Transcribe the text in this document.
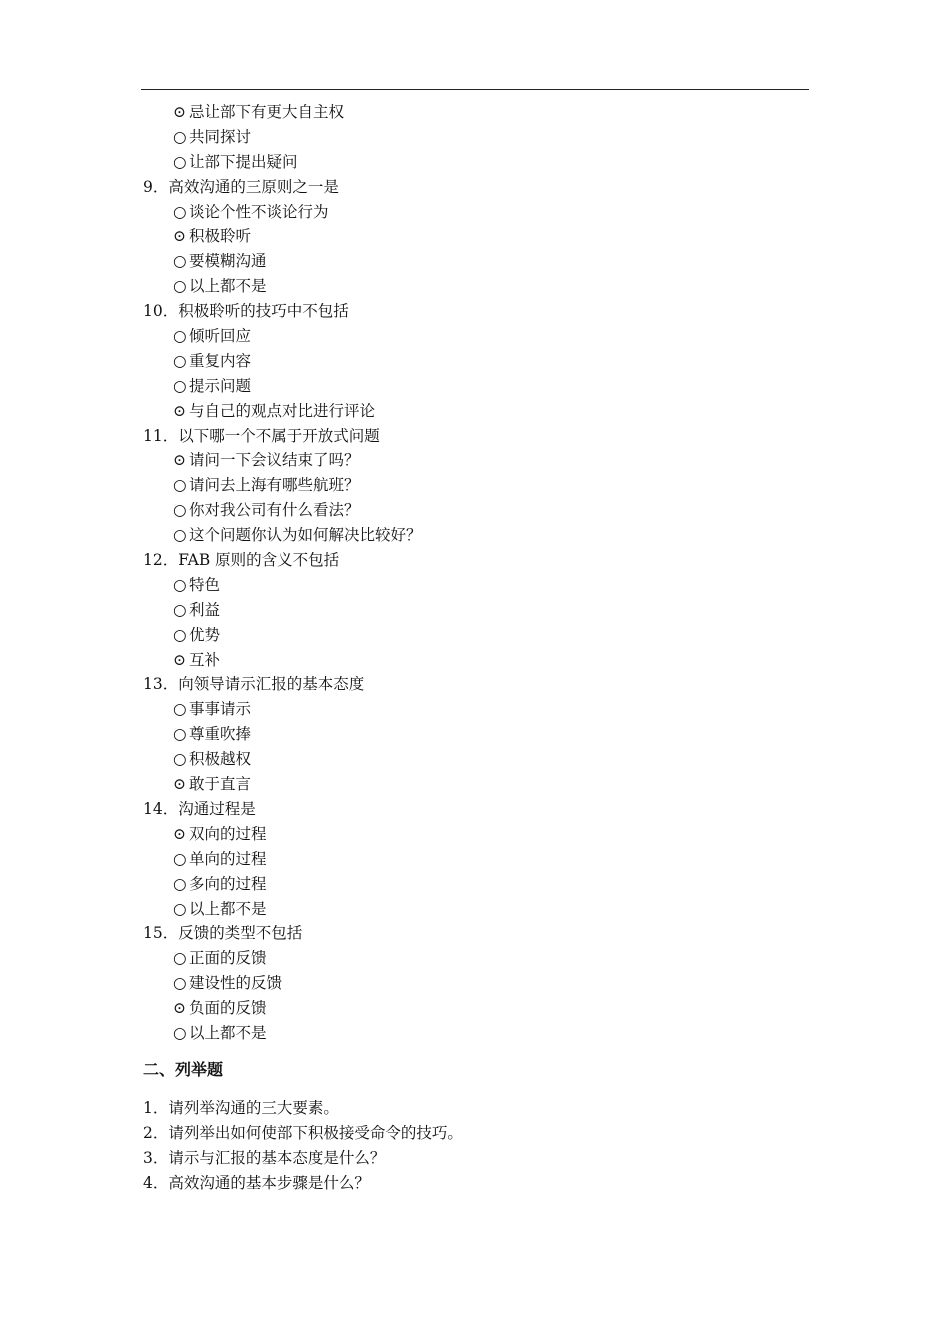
⊙ 忌让部下有更大自主权
○ 共同探讨
○ 让部下提出疑问
9．高效沟通的三原则之一是
○ 谈论个性不谈论行为
⊙ 积极聆听
○ 要模糊沟通
○ 以上都不是
10．积极聆听的技巧中不包括
○ 倾听回应
○ 重复内容
○ 提示问题
⊙ 与自己的观点对比进行评论
11．以下哪一个不属于开放式问题
⊙ 请问一下会议结束了吗？
○ 请问去上海有哪些航班？
○ 你对我公司有什么看法？
○ 这个问题你认为如何解决比较好？
12．FAB 原则的含义不包括
○ 特色
○ 利益
○ 优势
⊙ 互补
13．向领导请示汇报的基本态度
○ 事事请示
○ 尊重吹捧
○ 积极越权
⊙ 敢于直言
14．沟通过程是
⊙ 双向的过程
○ 单向的过程
○ 多向的过程
○ 以上都不是
15．反馈的类型不包括
○ 正面的反馈
○ 建设性的反馈
⊙ 负面的反馈
○ 以上都不是
二、列举题
1．请列举沟通的三大要素。
2．请列举出如何使部下积极接受命令的技巧。
3．请示与汇报的基本态度是什么？
4．高效沟通的基本步骤是什么？
